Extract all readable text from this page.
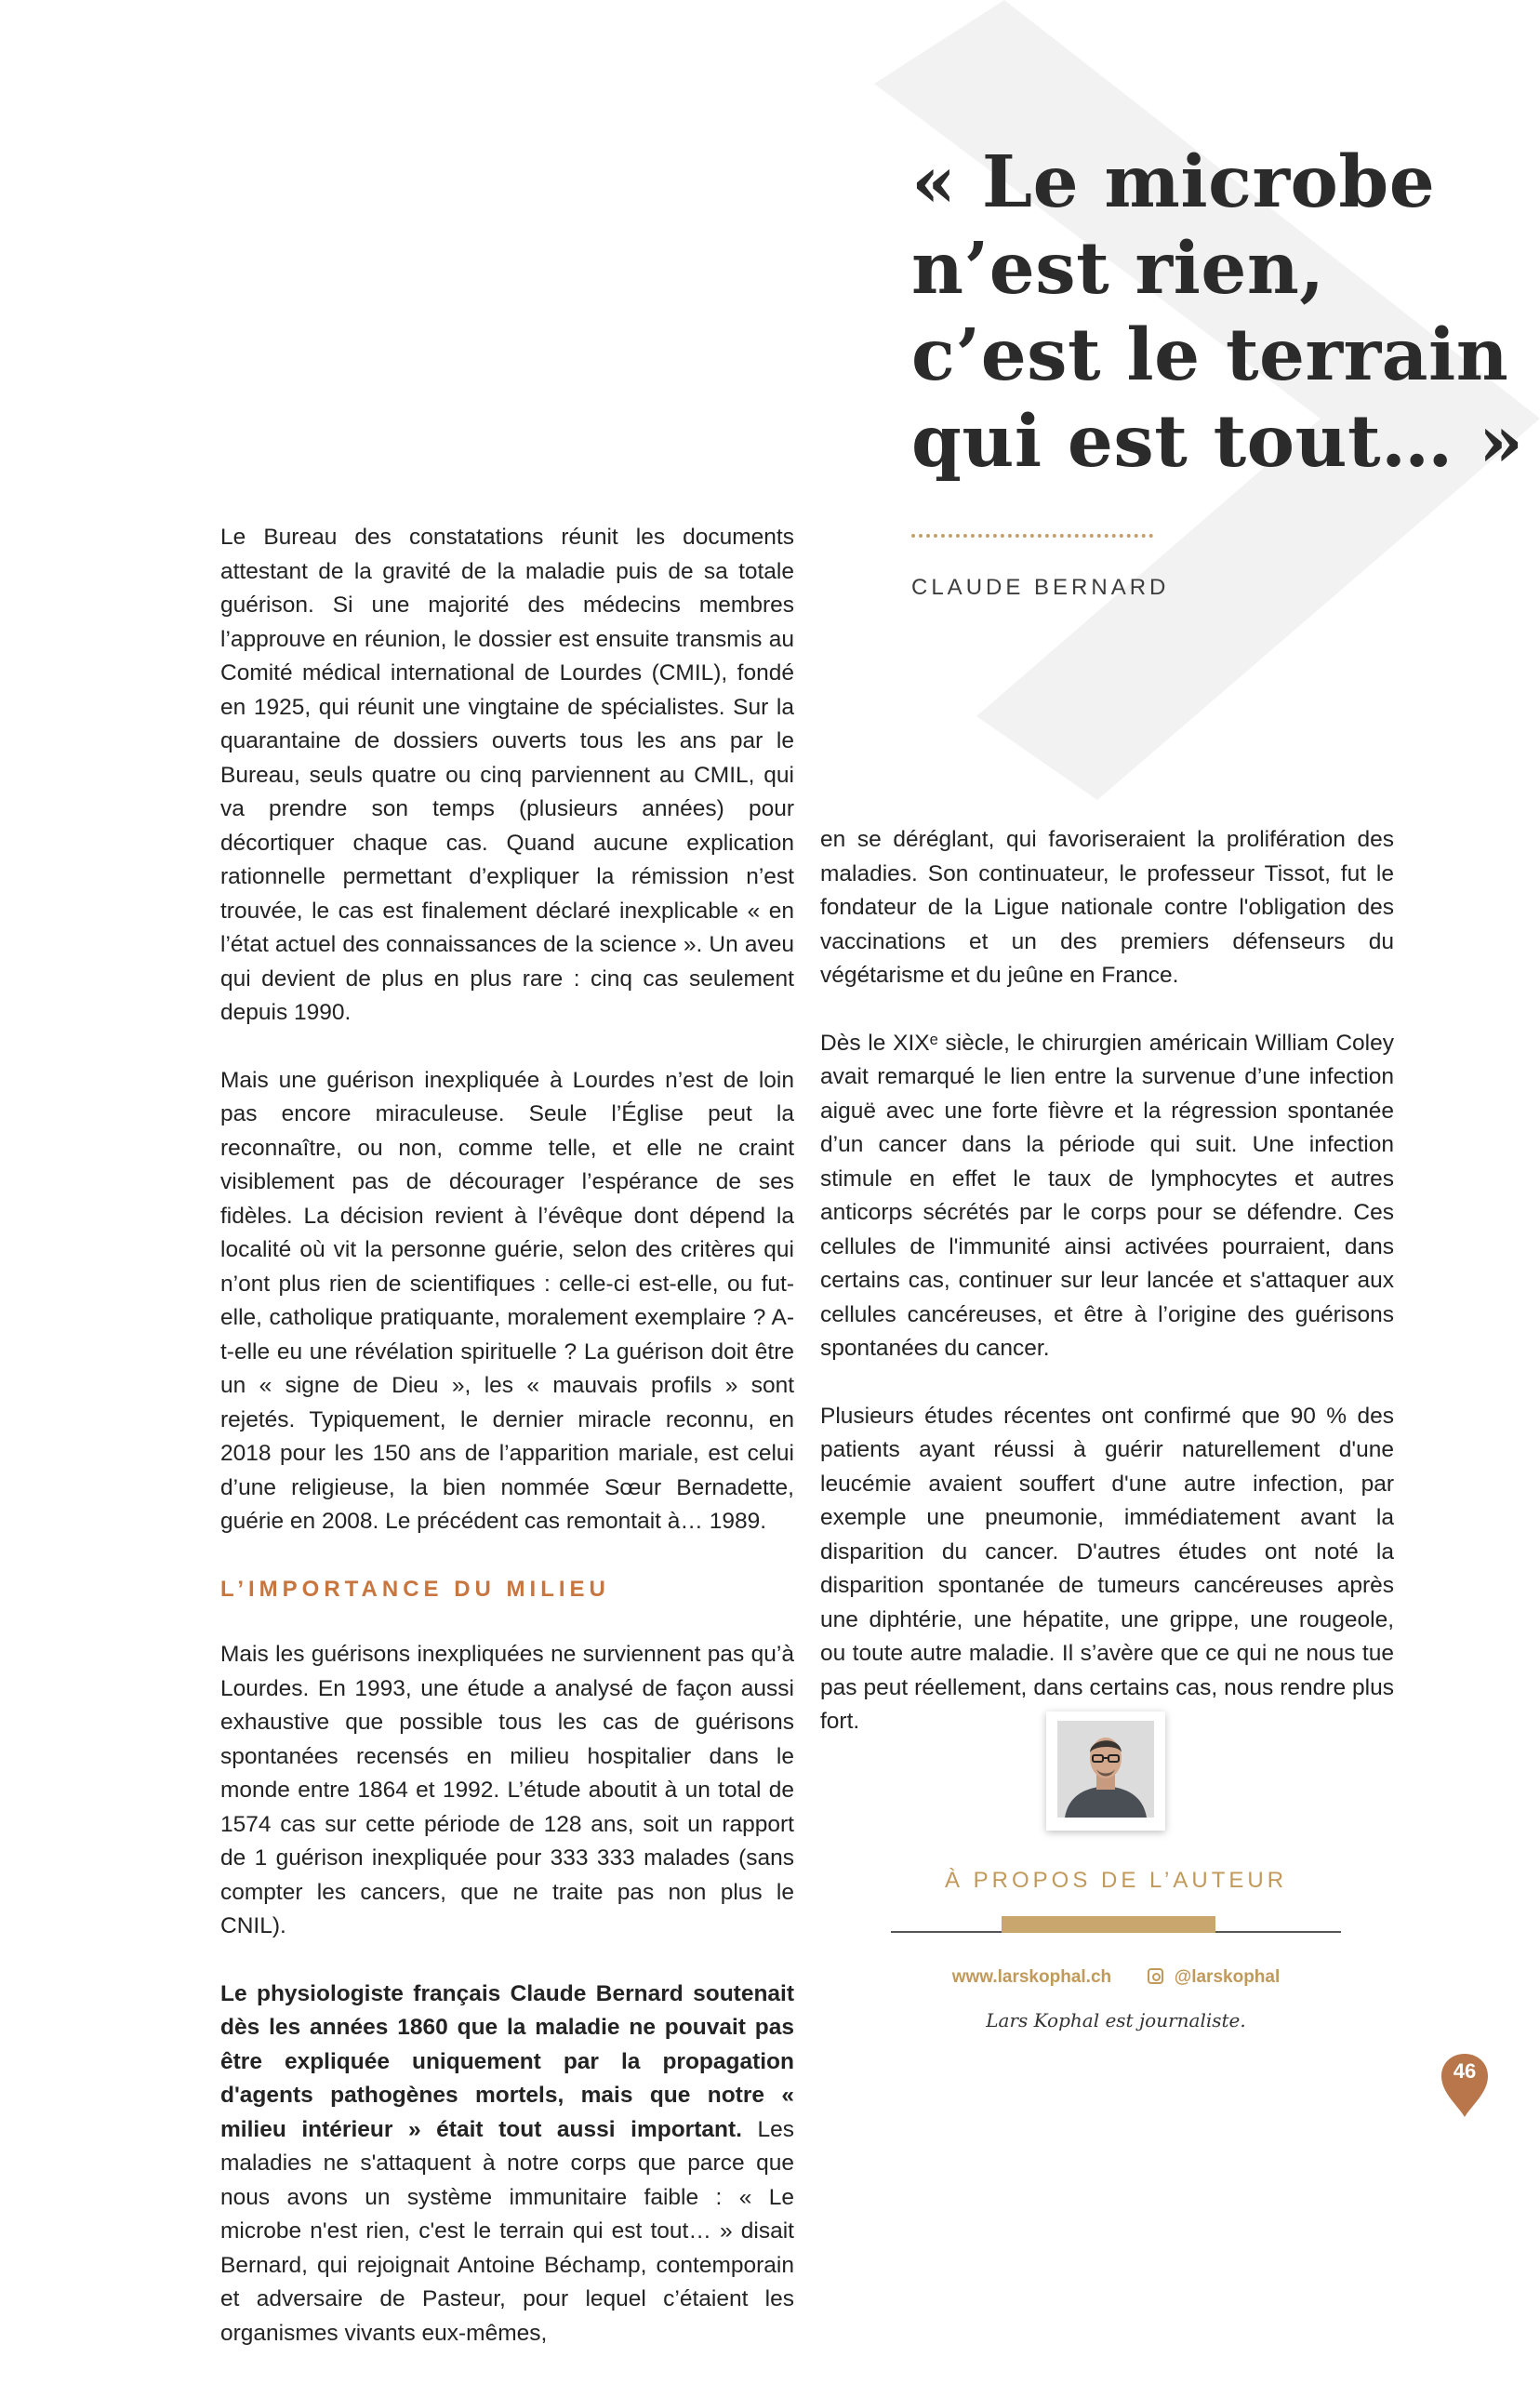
« Le microbe
n’est rien,
c’est le terrain
qui est tout… »
CLAUDE BERNARD

Le Bureau des constatations réunit les documents attestant de la gravité de la maladie puis de sa totale guérison. Si une majorité des médecins membres l’approuve en réunion, le dossier est ensuite transmis au Comité médical international de Lourdes (CMIL), fondé en 1925, qui réunit une vingtaine de spécialistes. Sur la quarantaine de dossiers ouverts tous les ans par le Bureau, seuls quatre ou cinq parviennent au CMIL, qui va prendre son temps (plusieurs années) pour décortiquer chaque cas. Quand aucune explication rationnelle permettant d’expliquer la rémission n’est trouvée, le cas est finalement déclaré inexplicable « en l’état actuel des connaissances de la science ». Un aveu qui devient de plus en plus rare : cinq cas seulement depuis 1990.

Mais une guérison inexpliquée à Lourdes n’est de loin pas encore miraculeuse. Seule l’Église peut la reconnaître, ou non, comme telle, et elle ne craint visiblement pas de décourager l’espérance de ses fidèles. La décision revient à l’évêque dont dépend la localité où vit la personne guérie, selon des critères qui n’ont plus rien de scientifiques : celle-ci est-elle, ou fut-elle, catholique pratiquante, moralement exemplaire ? A-t-elle eu une révélation spirituelle ? La guérison doit être un « signe de Dieu », les « mauvais profils » sont rejetés. Typiquement, le dernier miracle reconnu, en 2018 pour les 150 ans de l’apparition mariale, est celui d’une religieuse, la bien nommée Sœur Bernadette, guérie en 2008. Le précédent cas remontait à… 1989.

L’IMPORTANCE DU MILIEU

Mais les guérisons inexpliquées ne surviennent pas qu’à Lourdes. En 1993, une étude a analysé de façon aussi exhaustive que possible tous les cas de guérisons spontanées recensés en milieu hospitalier dans le monde entre 1864 et 1992. L’étude aboutit à un total de 1574 cas sur cette période de 128 ans, soit un rapport de 1 guérison inexpliquée pour 333 333 malades (sans compter les cancers, que ne traite pas non plus le CNIL).

Le physiologiste français Claude Bernard soutenait dès les années 1860 que la maladie ne pouvait pas être expliquée uniquement par la propagation d'agents pathogènes mortels, mais que notre « milieu intérieur » était tout aussi important. Les maladies ne s'attaquent à notre corps que parce que nous avons un système immunitaire faible : « Le microbe n'est rien, c'est le terrain qui est tout… » disait Bernard, qui rejoignait Antoine Béchamp, contemporain et adversaire de Pasteur, pour lequel c’étaient les organismes vivants eux-mêmes,

en se déréglant, qui favoriseraient la prolifération des maladies. Son continuateur, le professeur Tissot, fut le fondateur de la Ligue nationale contre l'obligation des vaccinations et un des premiers défenseurs du végétarisme et du jeûne en France.

Dès le XIXᵉ siècle, le chirurgien américain William Coley avait remarqué le lien entre la survenue d’une infection aiguë avec une forte fièvre et la régression spontanée d’un cancer dans la période qui suit. Une infection stimule en effet le taux de lymphocytes et autres anticorps sécrétés par le corps pour se défendre. Ces cellules de l'immunité ainsi activées pourraient, dans certains cas, continuer sur leur lancée et s'attaquer aux cellules cancéreuses, et être à l’origine des guérisons spontanées du cancer.

Plusieurs études récentes ont confirmé que 90 % des patients ayant réussi à guérir naturellement d'une leucémie avaient souffert d'une autre infection, par exemple une pneumonie, immédiatement avant la disparition du cancer. D'autres études ont noté la disparition spontanée de tumeurs cancéreuses après une diphtérie, une hépatite, une grippe, une rougeole, ou toute autre maladie. Il s’avère que ce qui ne nous tue pas peut réellement, dans certains cas, nous rendre plus fort.

À PROPOS DE L’AUTEUR
www.larskophal.ch	@larskophal
Lars Kophal est journaliste.
46
